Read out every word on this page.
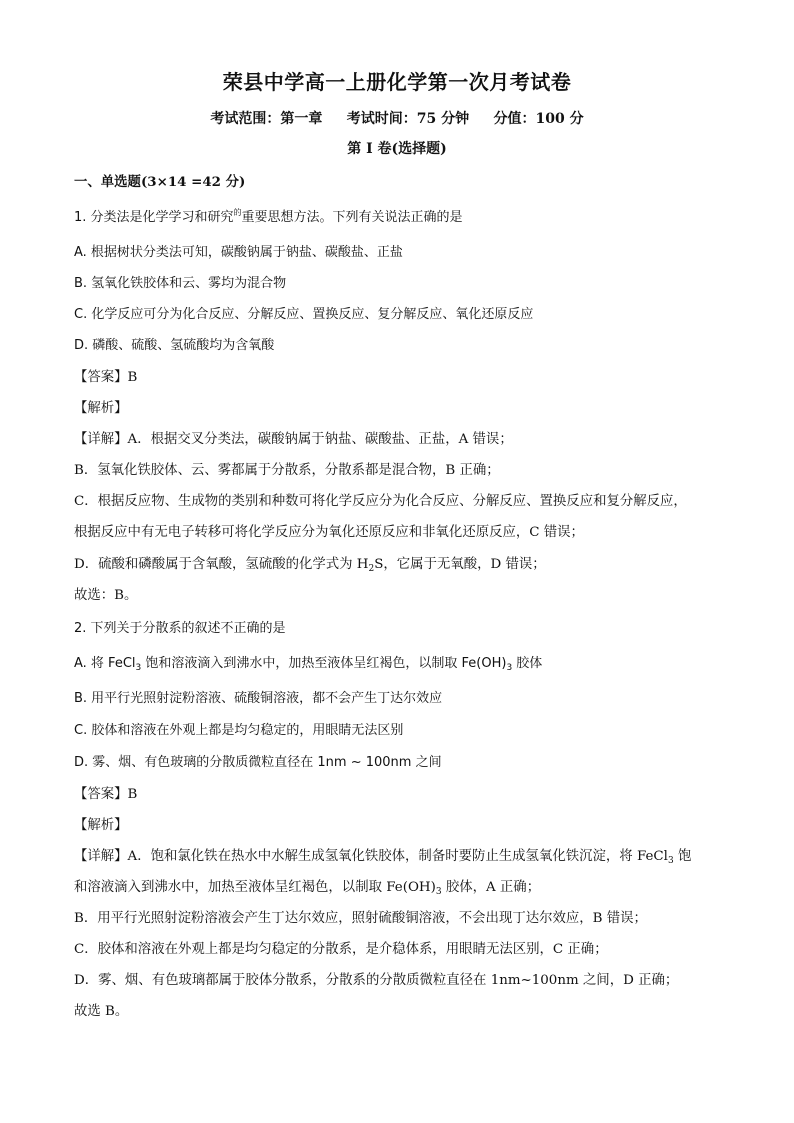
荣县中学高一上册化学第一次月考试卷
考试范围：第一章     考试时间：75 分钟     分值：100 分
第 I 卷(选择题)
一、单选题(3×14 =42 分)
1. 分类法是化学学习和研究$^的$重要思想方法。下列有关说法正确的是
A. 根据树状分类法可知，碳酸钠属于钠盐、碳酸盐、正盐
B. 氢氧化铁胶体和云、雾均为混合物
C. 化学反应可分为化合反应、分解反应、置换反应、复分解反应、氧化还原反应
D. 磷酸、硫酸、氢硫酸均为含氧酸
【答案】B
【解析】
【详解】A．根据交叉分类法，碳酸钠属于钠盐、碳酸盐、正盐，A 错误；
B．氢氧化铁胶体、云、雾都属于分散系，分散系都是混合物，B 正确；
C．根据反应物、生成物的类别和种数可将化学反应分为化合反应、分解反应、置换反应和复分解反应，
根据反应中有无电子转移可将化学反应分为氧化还原反应和非氧化还原反应，C 错误；
D．硫酸和磷酸属于含氧酸，氢硫酸的化学式为 $H_2S$，它属于无氧酸，D 错误；
故选：B。
2. 下列关于分散系的叙述不正确的是
A. 将 FeCl$_3$ 饱和溶液滴入到沸水中，加热至液体呈红褐色，以制取 $Fe(OH)_3$ 胶体
B. 用平行光照射淀粉溶液、硫酸铜溶液，都不会产生丁达尔效应
C. 胶体和溶液在外观上都是均匀稳定的，用眼睛无法区别
D. 雾、烟、有色玻璃的分散质微粒直径在 1nm ~ 100nm 之间
【答案】B
【解析】
【详解】A．饱和氯化铁在热水中水解生成氢氧化铁胶体，制备时要防止生成氢氧化铁沉淀，将 FeCl$_3$ 饱
和溶液滴入到沸水中，加热至液体呈红褐色，以制取 $Fe(OH)_3$ 胶体，A 正确；
B．用平行光照射淀粉溶液会产生丁达尔效应，照射硫酸铜溶液，不会出现丁达尔效应，B 错误；
C．胶体和溶液在外观上都是均匀稳定的分散系，是介稳体系，用眼睛无法区别，C 正确；
D．雾、烟、有色玻璃都属于胶体分散系，分散系的分散质微粒直径在 1nm~100nm 之间，D 正确；
故选 B。
